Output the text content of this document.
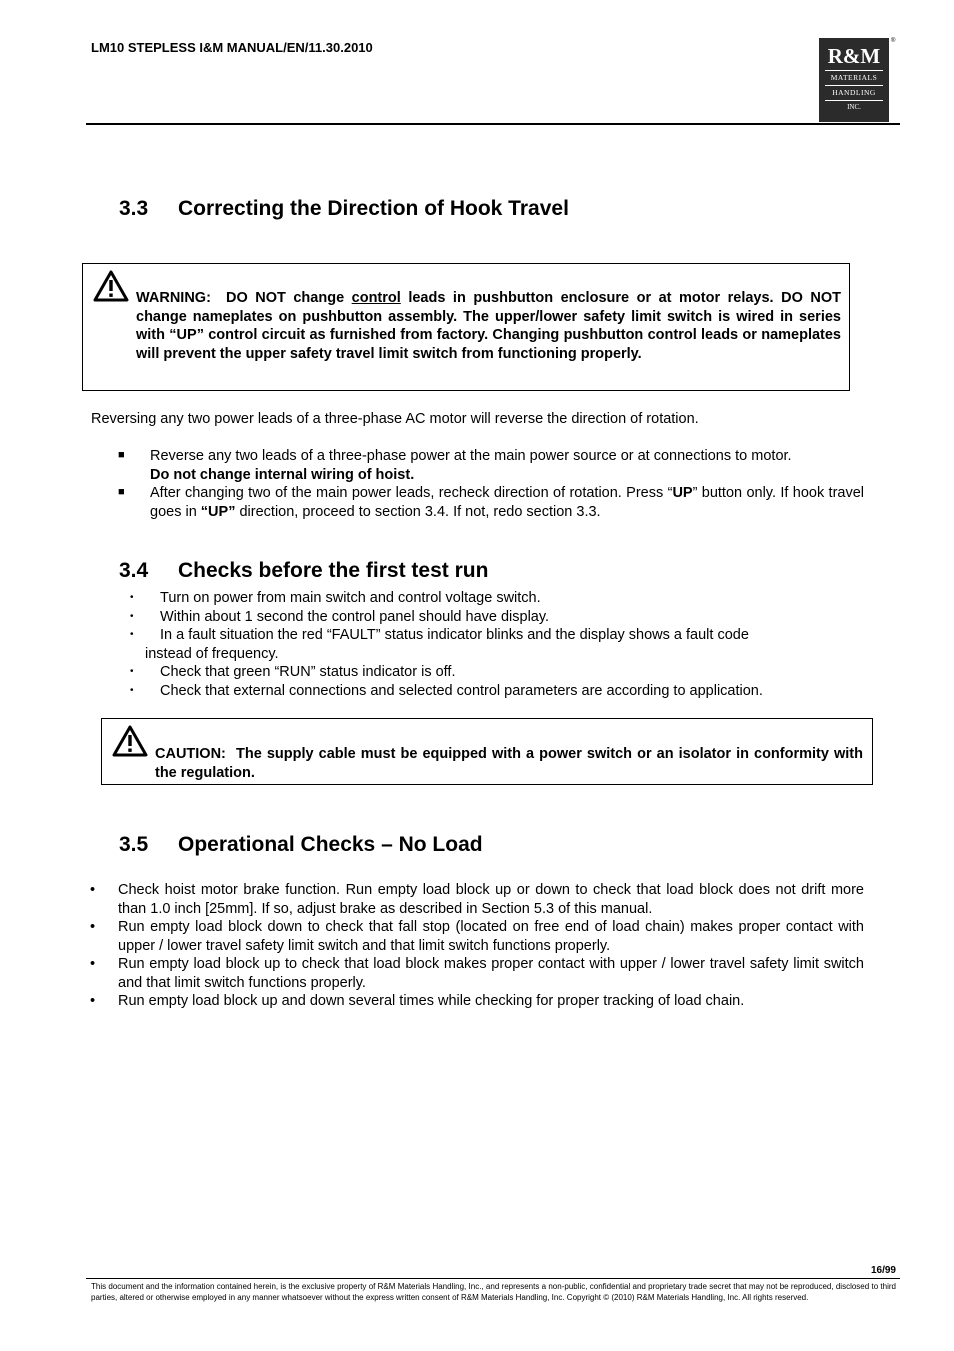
LM10 STEPLESS I&M MANUAL/EN/11.30.2010	R&M
MATERIALS
HANDLING
INC.
®
3.3 Correcting the Direction of Hook Travel

WARNING: DO NOT change control leads in pushbutton enclosure or at motor relays. DO NOT change nameplates on pushbutton assembly. The upper/lower safety limit switch is wired in series with “UP” control circuit as furnished from factory. Changing pushbutton control leads or nameplates will prevent the upper safety travel limit switch from functioning properly.

Reversing any two power leads of a three-phase AC motor will reverse the direction of rotation.

■ Reverse any two leads of a three-phase power at the main power source or at connections to motor.
Do not change internal wiring of hoist.
■ After changing two of the main power leads, recheck direction of rotation. Press “UP” button only. If hook travel goes in “UP” direction, proceed to section 3.4. If not, redo section 3.3.
3.4 Checks before the first test run
• Turn on power from main switch and control voltage switch.
• Within about 1 second the control panel should have display.
• In a fault situation the red “FAULT” status indicator blinks and the display shows a fault code
instead of frequency.
• Check that green “RUN” status indicator is off.
• Check that external connections and selected control parameters are according to application.

CAUTION: The supply cable must be equipped with a power switch or an isolator in conformity with the regulation.

3.5 Operational Checks – No Load
• Check hoist motor brake function. Run empty load block up or down to check that load block does not drift more than 1.0 inch [25mm]. If so, adjust brake as described in Section 5.3 of this manual.
• Run empty load block down to check that fall stop (located on free end of load chain) makes proper contact with upper / lower travel safety limit switch and that limit switch functions properly.
• Run empty load block up to check that load block makes proper contact with upper / lower travel safety limit switch and that limit switch functions properly.
• Run empty load block up and down several times while checking for proper tracking of load chain.
16/99
This document and the information contained herein, is the exclusive property of R&M Materials Handling, Inc., and represents a non-public, confidential and proprietary trade secret that may not be reproduced, disclosed to third parties, altered or otherwise employed in any manner whatsoever without the express written consent of R&M Materials Handling, Inc. Copyright © (2010) R&M Materials Handling, Inc. All rights reserved.
